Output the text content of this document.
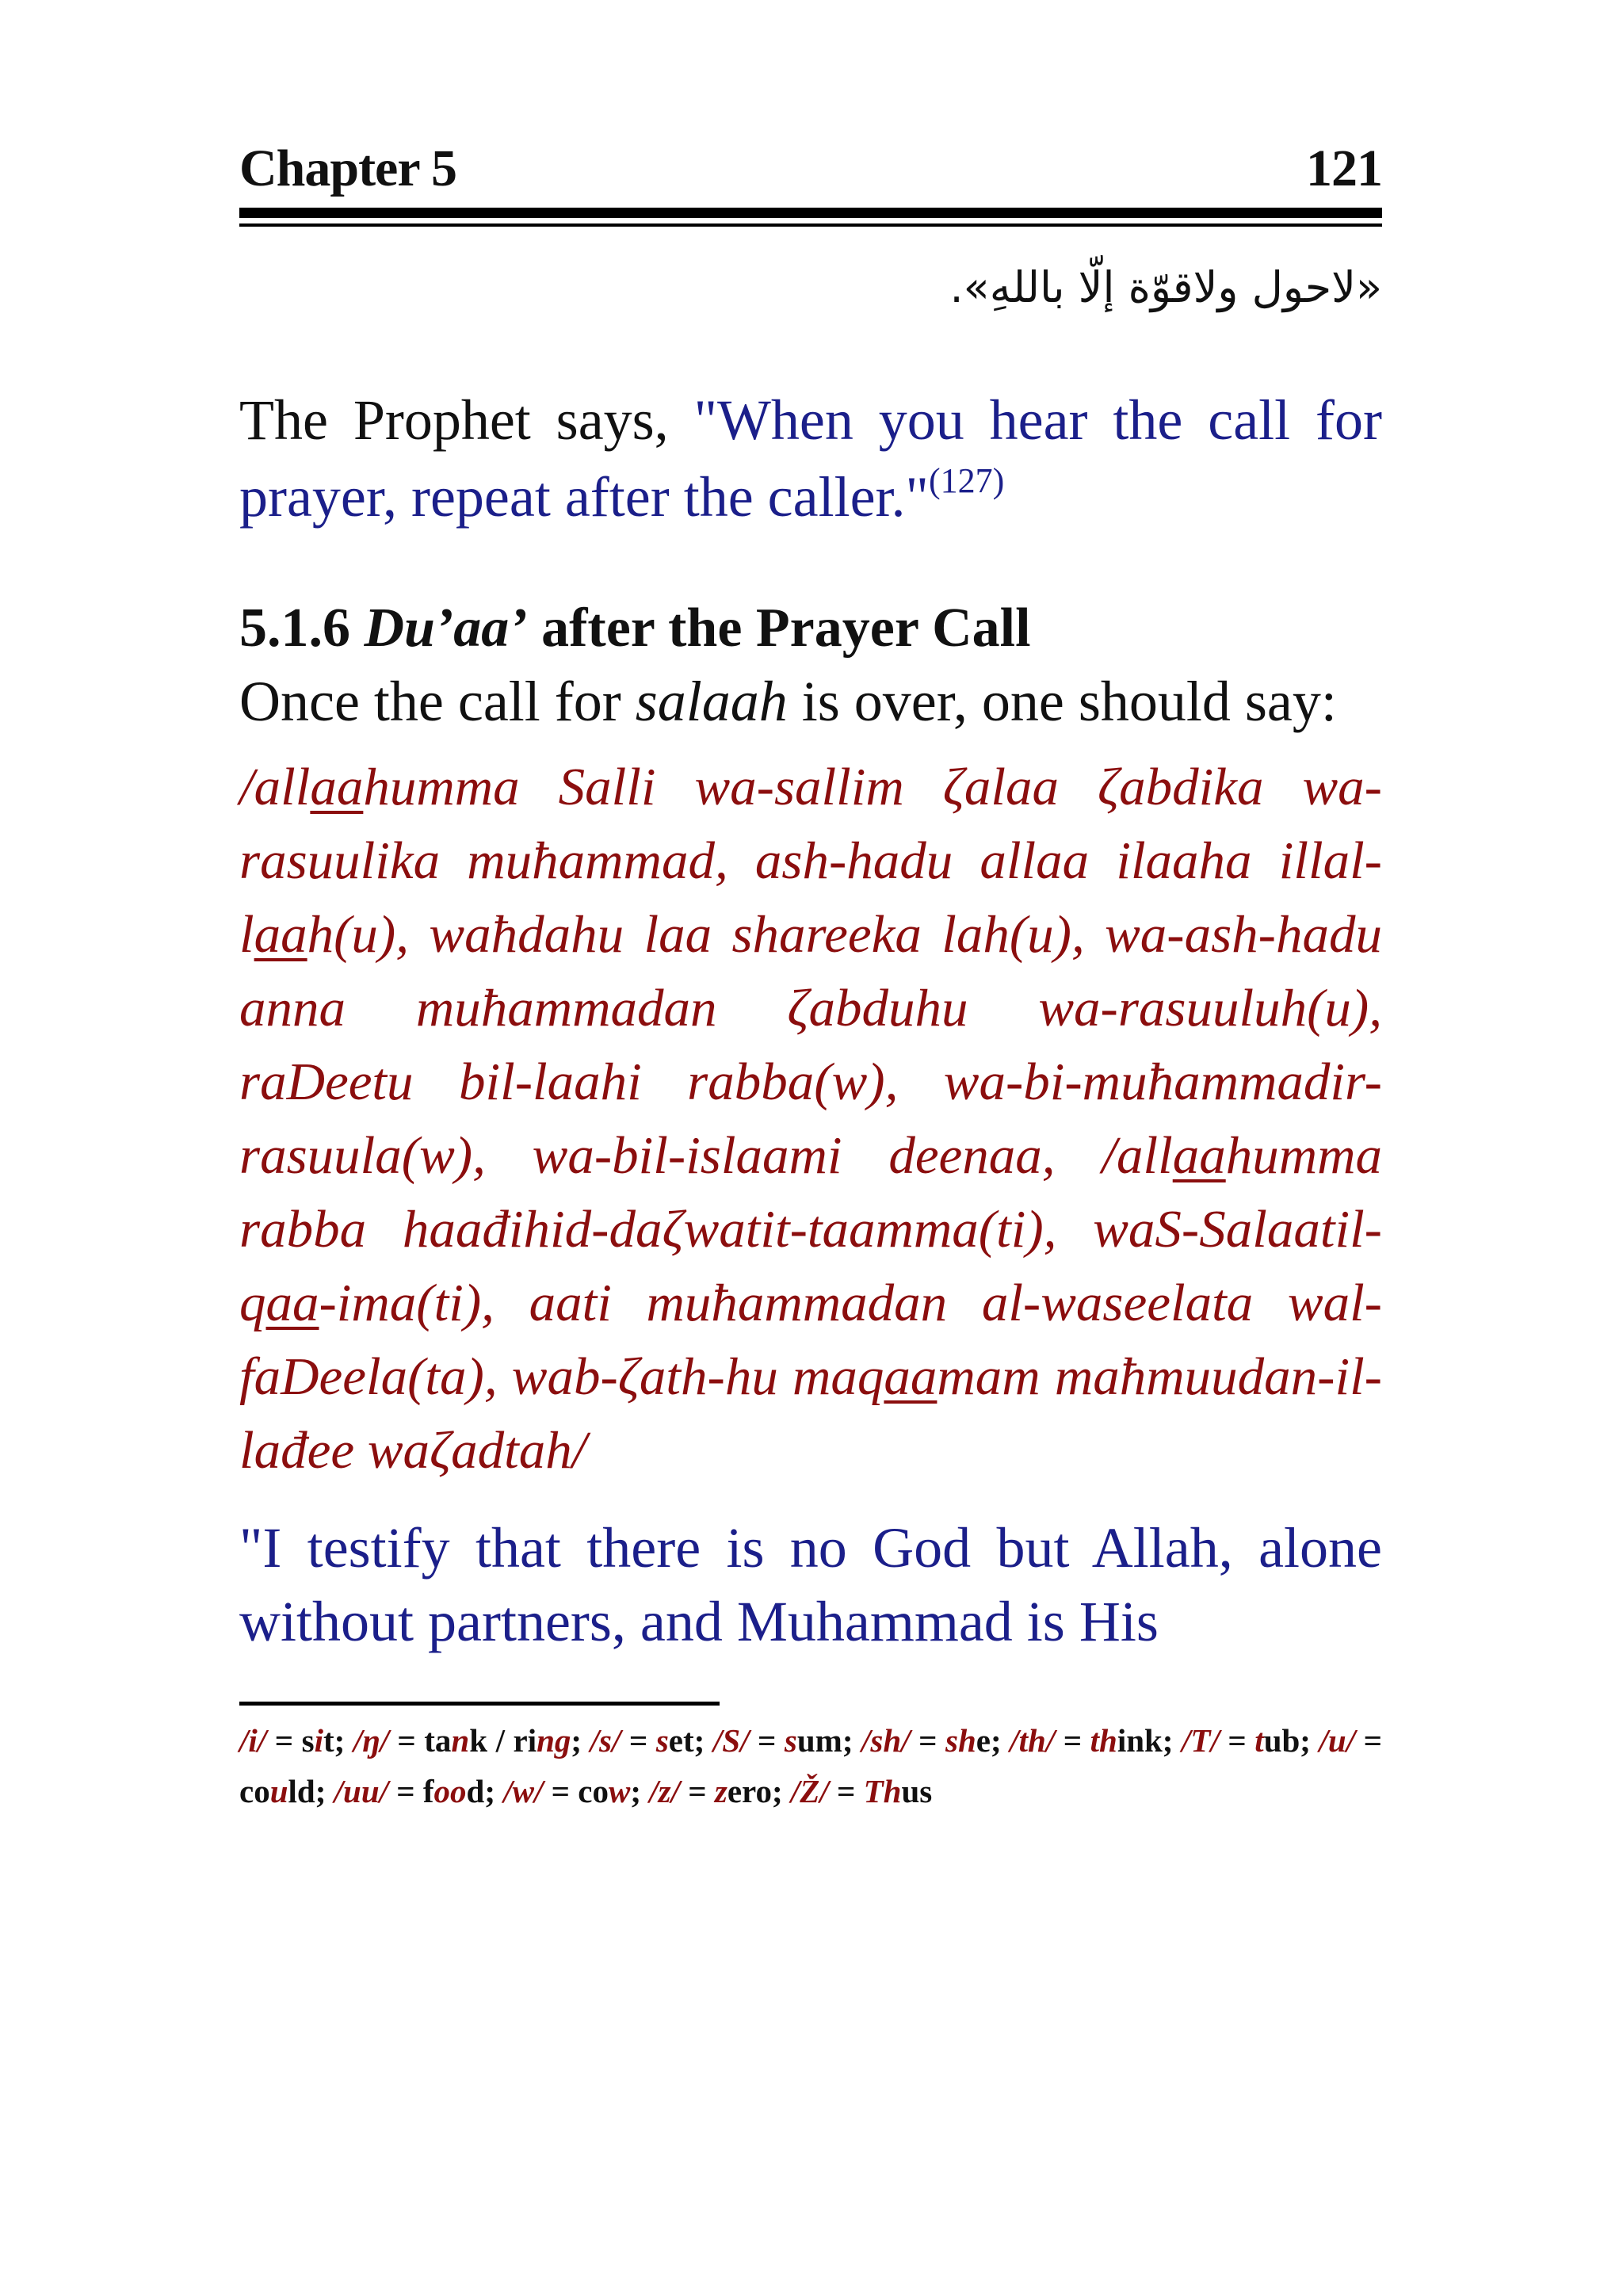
Chapter 5	121
«لاحول ولاقوّة إلّا باللهِ».

The Prophet says, "When you hear the call for prayer, repeat after the caller."$^{(127)}$

5.1.6 Du’aa’ after the Prayer Call
Once the call for salaah is over, one should say:
/allaahumma Salli wa-sallim ζalaa ζabdika wa-rasuulika muħammad, ash-hadu allaa ilaaha illal-laah(u), waħdahu laa shareeka lah(u), wa-ash-hadu anna muħammadan ζabduhu wa-rasuuluh(u), raDeetu bil-laahi rabba(w), wa-bi-muħammadir-rasuula(w), wa-bil-islaami deenaa, /allaahumma rabba haađihid-daζwatit-taamma(ti), waS-Salaatil-qaa-ima(ti), aati muħammadan al-waseelata wal-faDeela(ta), wab-ζath-hu maqaamam maħmuudan-il-lađee waζadtah/
"I testify that there is no God but Allah, alone without partners, and Muhammad is His
/i/ = sit; /ŋ/ = tank / ring; /s/ = set; /S/ = sum; /sh/ = she; /th/ = think; /T/ = tub; /u/ = could; /uu/ = food; /w/ = cow; /z/ = zero; /Ž/ = Thus
